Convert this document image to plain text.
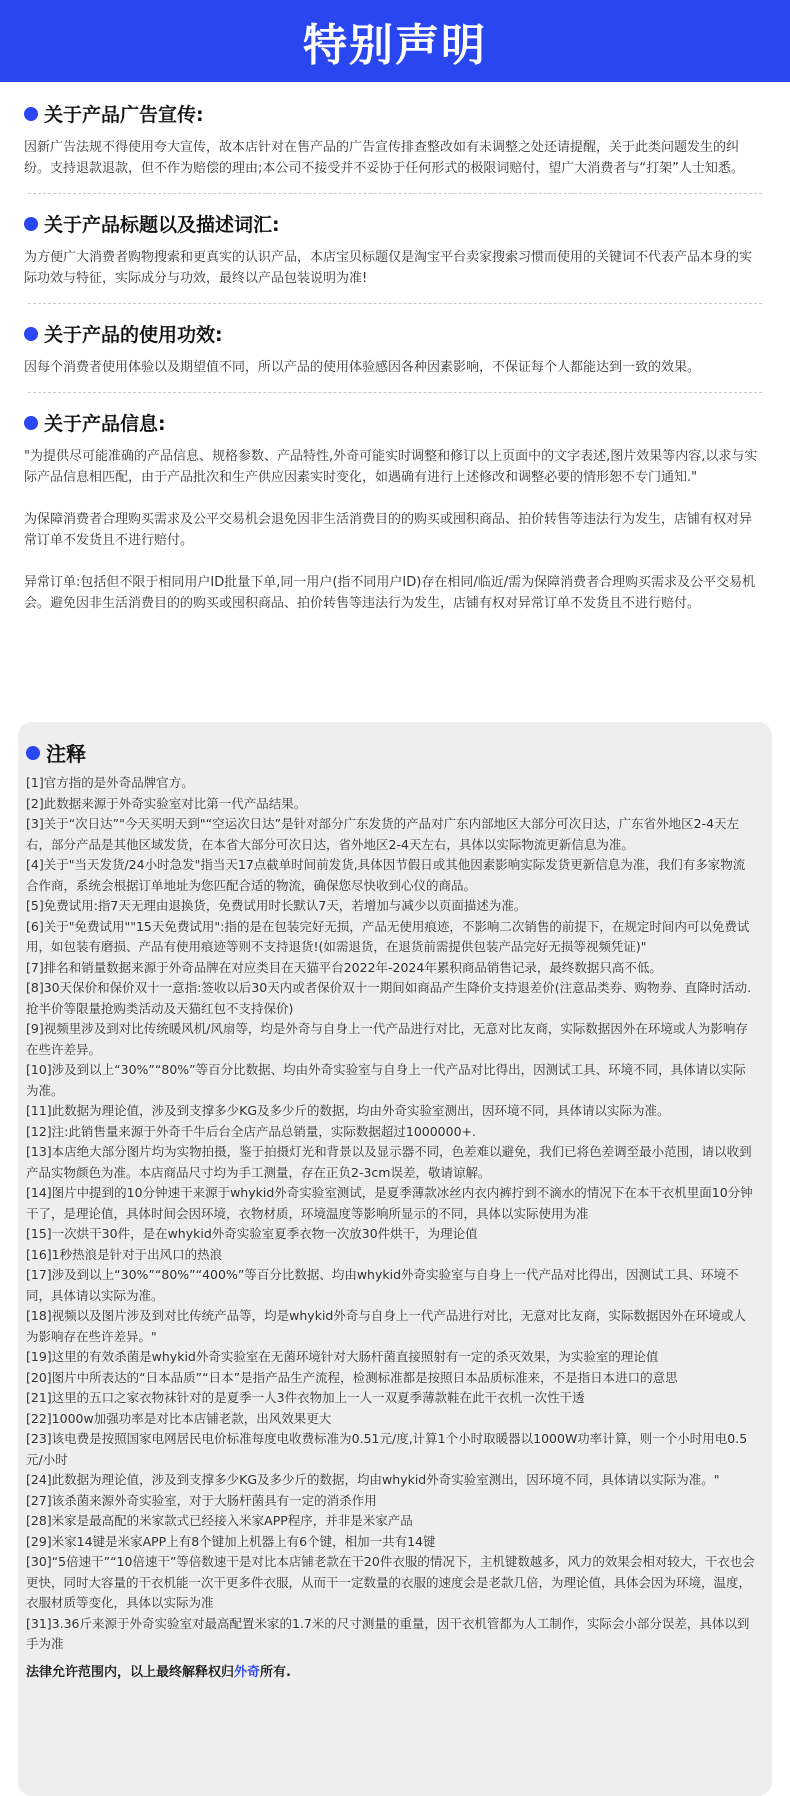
特别声明
关于产品广告宣传:

因新广告法规不得使用夸大宣传，故本店针对在售产品的广告宣传排查整改如有未调整之处还请提醒，关于此类问题发生的纠纷。支持退款退款，但不作为赔偿的理由;本公司不接受并不妥协于任何形式的极限词赔付，望广大消费者与“打架”人士知悉。

关于产品标题以及描述词汇:

为方便广大消费者购物搜索和更真实的认识产品，本店宝贝标题仅是淘宝平台卖家搜索习惯而使用的关键词不代表产品本身的实际功效与特征，实际成分与功效，最终以产品包装说明为准!

关于产品的使用功效:

因每个消费者使用体验以及期望值不同，所以产品的使用体验感因各种因素影响，不保证每个人都能达到一致的效果。

关于产品信息:

"为提供尽可能准确的产品信息、规格参数、产品特性,外奇可能实时调整和修订以上页面中的文字表述,图片效果等内容,以求与实际产品信息相匹配，由于产品批次和生产供应因素实时变化，如遇确有进行上述修改和调整必要的情形恕不专门通知."

为保障消费者合理购买需求及公平交易机会退免因非生活消费目的的购买或囤积商品、拍价转售等违法行为发生，店铺有权对异常订单不发货且不进行赔付。

异常订单:包括但不限于相同用户ID批量下单,同一用户(指不同用户ID)存在相同/临近/需为保障消费者合理购买需求及公平交易机会。避免因非生活消费目的的购买或囤积商品、拍价转售等违法行为发生，店铺有权对异常订单不发货且不进行赔付。

注释
[1]官方指的是外奇品牌官方。
[2]此数据来源于外奇实验室对比第一代产品结果。
[3]关于“次日达”"今天买明天到"“空运次日达”是针对部分广东发货的产品对广东内部地区大部分可次日达，广东省外地区2-4天左右，部分产品是其他区域发货，在本省大部分可次日达，省外地区2-4天左右，具体以实际物流更新信息为准。
[4]关于"当天发货/24小时急发"指当天17点截单时间前发货,具体因节假日或其他因素影响实际发货更新信息为准，我们有多家物流合作商，系统会根据订单地址为您匹配合适的物流，确保您尽快收到心仪的商品。
[5]免费试用:指7天无理由退换货，免费试用时长默认7天，若增加与减少以页面描述为准。
[6]关于"免费试用""15天免费试用":指的是在包装完好无损，产品无使用痕迹，不影响二次销售的前提下，在规定时间内可以免费试用，如包装有磨损、产品有使用痕迹等则不支持退货!(如需退货，在退货前需提供包装产品完好无损等视频凭证)"
[7]排名和销量数据来源于外奇品牌在对应类目在天猫平台2022年-2024年累积商品销售记录，最终数据只高不低。
[8]30天保价和保价双十一意指:签收以后30天内或者保价双十一期间如商品产生降价支持退差价(注意品类券、购物券、直降时活动.抢半价等限量抢购类活动及天猫红包不支持保价)
[9]视频里涉及到对比传统暖风机/风扇等，均是外奇与自身上一代产品进行对比，无意对比友商，实际数据因外在环境或人为影响存在些许差异。
[10]涉及到以上“30%”“80%”等百分比数据、均由外奇实验室与自身上一代产品对比得出，因测试工具、环境不同，具体请以实际为准。
[11]此数据为理论值，涉及到支撑多少KG及多少斤的数据，均由外奇实验室测出，因环境不同，具体请以实际为准。
[12]注:此销售量来源于外奇千牛后台全店产品总销量，实际数据超过1000000+.
[13]本店绝大部分图片均为实物拍摄，鉴于拍摄灯光和背景以及显示器不同，色差难以避免，我们已将色差调至最小范围，请以收到产品实物颜色为准。本店商品尺寸均为手工测量，存在正负2-3cm误差，敬请谅解。
[14]图片中提到的10分钟速干来源于whykid外奇实验室测试，是夏季薄款冰丝内衣内裤拧到不滴水的情况下在本干衣机里面10分钟干了，是理论值，具体时间会因环境，衣物材质，环境温度等影响所显示的不同，具体以实际使用为准
[15]一次烘干30件，是在whykid外奇实验室夏季衣物一次放30件烘干，为理论值
[16]1秒热浪是针对于出风口的热浪
[17]涉及到以上“30%”“80%”“400%”等百分比数据、均由whykid外奇实验室与自身上一代产品对比得出，因测试工具、环境不同，具体请以实际为准。
[18]视频以及图片涉及到对比传统产品等，均是whykid外奇与自身上一代产品进行对比，无意对比友商，实际数据因外在环境或人为影响存在些许差异。"
[19]这里的有效杀菌是whykid外奇实验室在无菌环境针对大肠杆菌直接照射有一定的杀灭效果，为实验室的理论值
[20]图片中所表达的“日本品质”“日本”是指产品生产流程，检测标准都是按照日本品质标准来，不是指日本进口的意思
[21]这里的五口之家衣物袜针对的是夏季一人3件衣物加上一人一双夏季薄款鞋在此干衣机一次性干透
[22]1000w加强功率是对比本店铺老款，出风效果更大
[23]该电费是按照国家电网居民电价标准每度电收费标准为0.51元/度,计算1个小时取暖器以1000W功率计算，则一个小时用电0.5元/小时
[24]此数据为理论值，涉及到支撑多少KG及多少斤的数据，均由whykid外奇实验室测出，因环境不同，具体请以实际为准。"
[27]该杀菌来源外奇实验室，对于大肠杆菌具有一定的消杀作用
[28]米家是最高配的米家款式已经接入米家APP程序，并非是米家产品
[29]米家14键是米家APP上有8个键加上机器上有6个键，相加一共有14键
[30]“5倍速干”“10倍速干”等倍数速干是对比本店铺老款在干20件衣服的情况下，主机键数越多，风力的效果会相对较大，干衣也会更快，同时大容量的干衣机能一次干更多件衣服，从而干一定数量的衣服的速度会是老款几倍，为理论值，具体会因为环境，温度，衣服材质等变化，具体以实际为准
[31]3.36斤来源于外奇实验室对最高配置米家的1.7米的尺寸测量的重量，因干衣机管都为人工制作，实际会小部分误差，具体以到手为准
法律允许范围内，以上最终解释权归外奇所有.
